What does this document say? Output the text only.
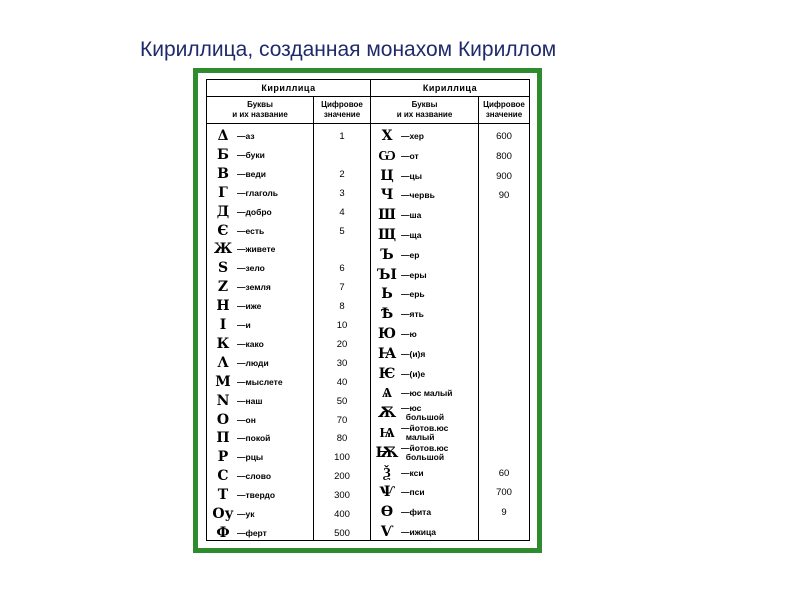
Кириллица, созданная монахом Кириллом
Кириллица
Буквы
и их название
Цифровое
значение
Δ	—аз	1
Б —буки
В —веди	2
Г	—глаголь	3
Д —добро	4
Є —есть	5
Ж —живете
Ѕ	—зело	6
Z	—земля	7
Н —иже	8
І	—и	10
К —како	20
Λ	—люди	30
М —мыслете	40
N —наш	50
О —он	70
П —покой	80
Р	—рцы	100
С —слово	200
Т	—твердо	300
Оу —ук	400
Ф —ферт	500
Кириллица
Буквы
и их название
Цифровое
значение
Х	—хер	600
Ѡ —от	800
Ц —цы	900
Ч —червь	90
Ш —ша
Щ —ща
Ъ —ер
ЪІ —еры
Ь —ерь
Ѣ —ять
Ю —ю
Ꙗ —(и)я
Ѥ —(и)е
Ѧ	—юс малый
Ѫ —юс
большой
Ѩ —йотов.юс
малый
Ѭ —йотов.юс
большой
Ѯ	—кси	60
Ѱ —пси	700
Ѳ —фита	9
Ѵ —ижица
